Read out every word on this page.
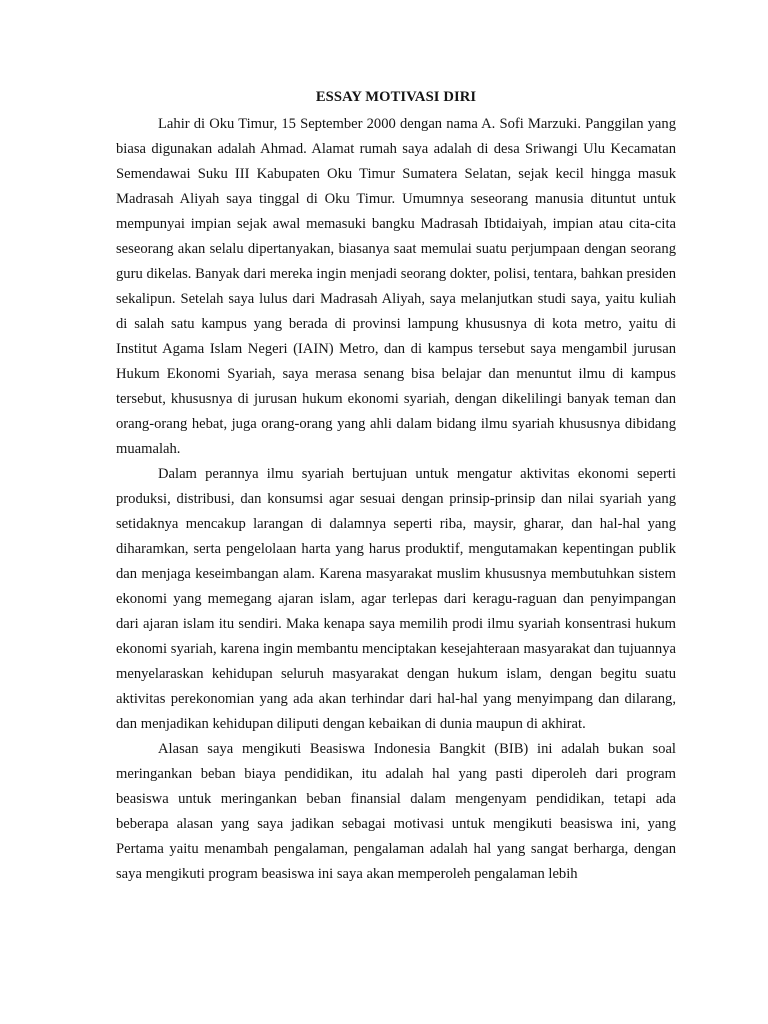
ESSAY MOTIVASI DIRI

Lahir di Oku Timur, 15 September 2000 dengan nama A. Sofi Marzuki. Panggilan yang biasa digunakan adalah Ahmad. Alamat rumah saya adalah di desa Sriwangi Ulu Kecamatan Semendawai Suku III Kabupaten Oku Timur Sumatera Selatan, sejak kecil hingga masuk Madrasah Aliyah saya tinggal di Oku Timur. Umumnya seseorang manusia dituntut untuk mempunyai impian sejak awal memasuki bangku Madrasah Ibtidaiyah, impian atau cita-cita seseorang akan selalu dipertanyakan, biasanya saat memulai suatu perjumpaan dengan seorang guru dikelas. Banyak dari mereka ingin menjadi seorang dokter, polisi, tentara, bahkan presiden sekalipun. Setelah saya lulus dari Madrasah Aliyah, saya melanjutkan studi saya, yaitu kuliah di salah satu kampus yang berada di provinsi lampung khususnya di kota metro, yaitu di Institut Agama Islam Negeri (IAIN) Metro, dan di kampus tersebut saya mengambil jurusan Hukum Ekonomi Syariah, saya merasa senang bisa belajar dan menuntut ilmu di kampus tersebut, khususnya di jurusan hukum ekonomi syariah, dengan dikelilingi banyak teman dan orang-orang hebat, juga orang-orang yang ahli dalam bidang ilmu syariah khususnya dibidang muamalah.

Dalam perannya ilmu syariah bertujuan untuk mengatur aktivitas ekonomi seperti produksi, distribusi, dan konsumsi agar sesuai dengan prinsip-prinsip dan nilai syariah yang setidaknya mencakup larangan di dalamnya seperti riba, maysir, gharar, dan hal-hal yang diharamkan, serta pengelolaan harta yang harus produktif, mengutamakan kepentingan publik dan menjaga keseimbangan alam. Karena masyarakat muslim khususnya membutuhkan sistem ekonomi yang memegang ajaran islam, agar terlepas dari keragu-raguan dan penyimpangan dari ajaran islam itu sendiri. Maka kenapa saya memilih prodi ilmu syariah konsentrasi hukum ekonomi syariah, karena ingin membantu menciptakan kesejahteraan masyarakat dan tujuannya menyelaraskan kehidupan seluruh masyarakat dengan hukum islam, dengan begitu suatu aktivitas perekonomian yang ada akan terhindar dari hal-hal yang menyimpang dan dilarang, dan menjadikan kehidupan diliputi dengan kebaikan di dunia maupun di akhirat.

Alasan saya mengikuti Beasiswa Indonesia Bangkit (BIB) ini adalah bukan soal meringankan beban biaya pendidikan, itu adalah hal yang pasti diperoleh dari program beasiswa untuk meringankan beban finansial dalam mengenyam pendidikan, tetapi ada beberapa alasan yang saya jadikan sebagai motivasi untuk mengikuti beasiswa ini, yang Pertama yaitu menambah pengalaman, pengalaman adalah hal yang sangat berharga, dengan saya mengikuti program beasiswa ini saya akan memperoleh pengalaman lebih
